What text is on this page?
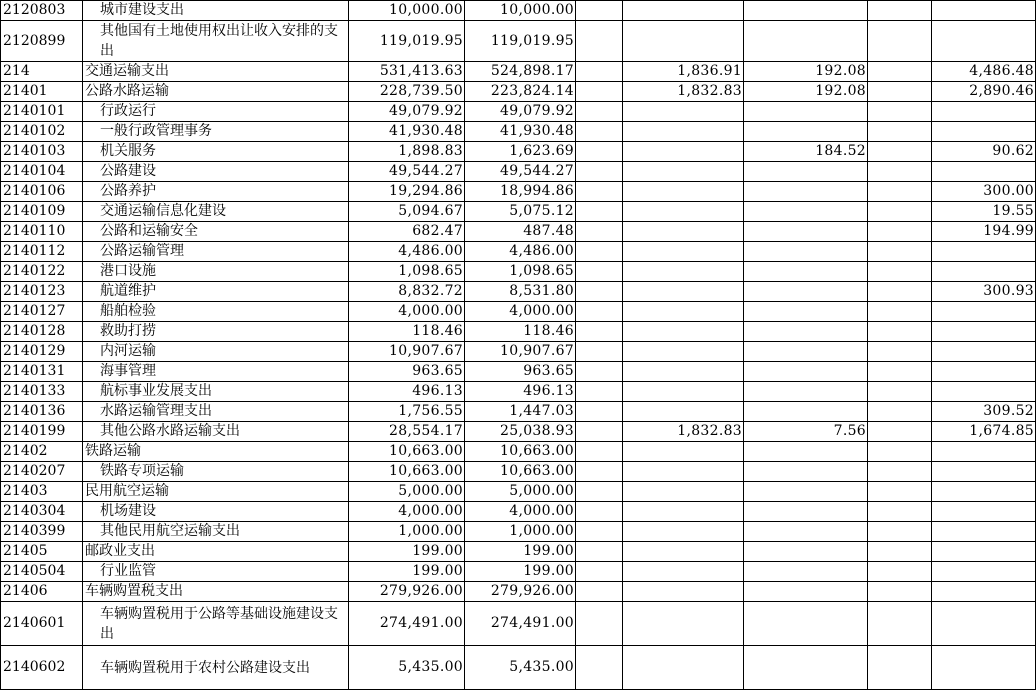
2120803	城市建设支出	10,000.00	10,000.00					
2120899	其他国有土地使用权出让收入安排的支出	119,019.95	119,019.95					
214	交通运输支出	531,413.63	524,898.17		1,836.91	192.08		4,486.48
21401	公路水路运输	228,739.50	223,824.14		1,832.83	192.08		2,890.46
2140101	行政运行	49,079.92	49,079.92					
2140102	一般行政管理事务	41,930.48	41,930.48					
2140103	机关服务	1,898.83	1,623.69			184.52		90.62
2140104	公路建设	49,544.27	49,544.27					
2140106	公路养护	19,294.86	18,994.86					300.00
2140109	交通运输信息化建设	5,094.67	5,075.12					19.55
2140110	公路和运输安全	682.47	487.48					194.99
2140112	公路运输管理	4,486.00	4,486.00					
2140122	港口设施	1,098.65	1,098.65					
2140123	航道维护	8,832.72	8,531.80					300.93
2140127	船舶检验	4,000.00	4,000.00					
2140128	救助打捞	118.46	118.46					
2140129	内河运输	10,907.67	10,907.67					
2140131	海事管理	963.65	963.65					
2140133	航标事业发展支出	496.13	496.13					
2140136	水路运输管理支出	1,756.55	1,447.03					309.52
2140199	其他公路水路运输支出	28,554.17	25,038.93		1,832.83	7.56		1,674.85
21402	铁路运输	10,663.00	10,663.00					
2140207	铁路专项运输	10,663.00	10,663.00					
21403	民用航空运输	5,000.00	5,000.00					
2140304	机场建设	4,000.00	4,000.00					
2140399	其他民用航空运输支出	1,000.00	1,000.00					
21405	邮政业支出	199.00	199.00					
2140504	行业监管	199.00	199.00					
21406	车辆购置税支出	279,926.00	279,926.00					
2140601	车辆购置税用于公路等基础设施建设支出	274,491.00	274,491.00					
2140602	车辆购置税用于农村公路建设支出	5,435.00	5,435.00					
